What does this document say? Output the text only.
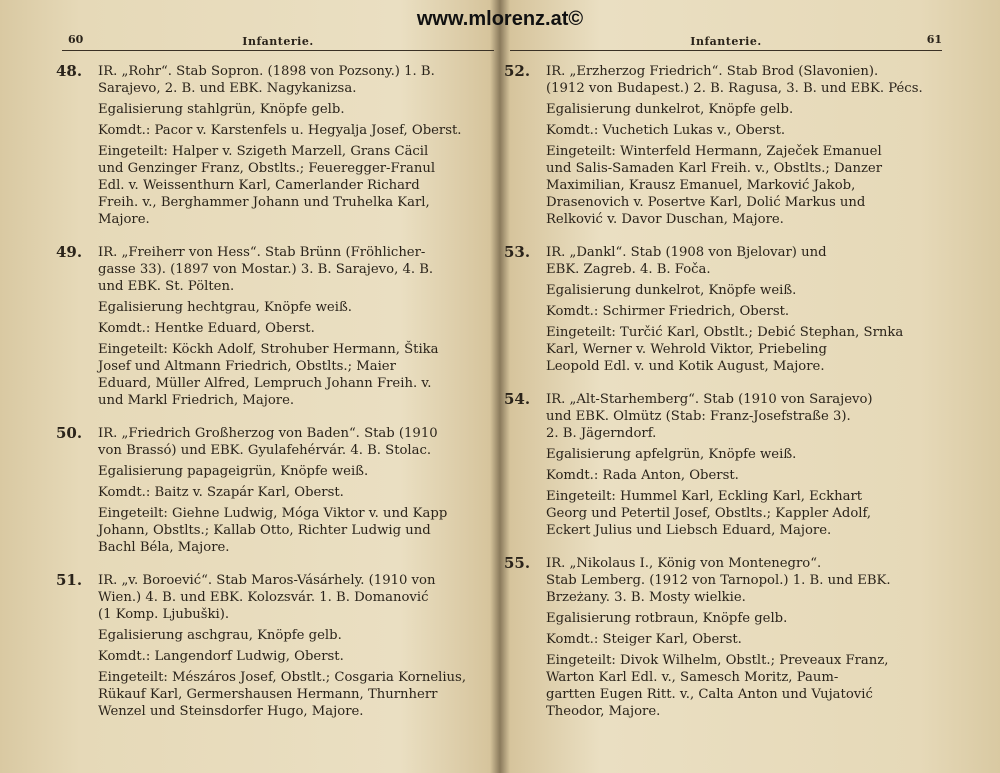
www.mlorenz.at©
60	Infanterie.
48.	IR. „Rohr“. Stab Sopron. (1898 von Pozsony.) 1. B.
Sarajevo, 2. B. und EBK. Nagykanizsa.
Egalisierung stahlgrün, Knöpfe gelb.
Komdt.: Pacor v. Karstenfels u. Hegyalja Josef, Oberst.
Eingeteilt: Halper v. Szigeth Marzell, Grans Cäcil
und Genzinger Franz, Obstlts.; Feueregger-Franul
Edl. v. Weissenthurn Karl, Camerlander Richard
Freih. v., Berghammer Johann und Truhelka Karl,
Majore.
49.	IR. „Freiherr von Hess“. Stab Brünn (Fröhlicher-
gasse 33). (1897 von Mostar.) 3. B. Sarajevo, 4. B.
und EBK. St. Pölten.
Egalisierung hechtgrau, Knöpfe weiß.
Komdt.: Hentke Eduard, Oberst.
Eingeteilt: Köckh Adolf, Strohuber Hermann, Štika
Josef und Altmann Friedrich, Obstlts.; Maier
Eduard, Müller Alfred, Lempruch Johann Freih. v.
und Markl Friedrich, Majore.
50.	IR. „Friedrich Großherzog von Baden“. Stab (1910
von Brassó) und EBK. Gyulafehérvár. 4. B. Stolac.
Egalisierung papageigrün, Knöpfe weiß.
Komdt.: Baitz v. Szapár Karl, Oberst.
Eingeteilt: Giehne Ludwig, Móga Viktor v. und Kapp
Johann, Obstlts.; Kallab Otto, Richter Ludwig und
Bachl Béla, Majore.
51.	IR. „v. Boroević“. Stab Maros-Vásárhely. (1910 von
Wien.) 4. B. und EBK. Kolozsvár. 1. B. Domanović
(1 Komp. Ljubuški).
Egalisierung aschgrau, Knöpfe gelb.
Komdt.: Langendorf Ludwig, Oberst.
Eingeteilt: Mészáros Josef, Obstlt.; Cosgaria Kornelius,
Rükauf Karl, Germershausen Hermann, Thurnherr
Wenzel und Steinsdorfer Hugo, Majore.
Infanterie.	61
52.	IR. „Erzherzog Friedrich“. Stab Brod (Slavonien).
(1912 von Budapest.) 2. B. Ragusa, 3. B. und EBK. Pécs.
Egalisierung dunkelrot, Knöpfe gelb.
Komdt.: Vuchetich Lukas v., Oberst.
Eingeteilt: Winterfeld Hermann, Zaječek Emanuel
und Salis-Samaden Karl Freih. v., Obstlts.; Danzer
Maximilian, Krausz Emanuel, Marković Jakob,
Drasenovich v. Posertve Karl, Dolić Markus und
Relković v. Davor Duschan, Majore.
53.	IR. „Dankl“. Stab (1908 von Bjelovar) und
EBK. Zagreb. 4. B. Foča.
Egalisierung dunkelrot, Knöpfe weiß.
Komdt.: Schirmer Friedrich, Oberst.
Eingeteilt: Turčić Karl, Obstlt.; Debić Stephan, Srnka
Karl, Werner v. Wehrold Viktor, Priebeling
Leopold Edl. v. und Kotik August, Majore.
54.	IR. „Alt-Starhemberg“. Stab (1910 von Sarajevo)
und EBK. Olmütz (Stab: Franz-Josefstraße 3).
2. B. Jägerndorf.
Egalisierung apfelgrün, Knöpfe weiß.
Komdt.: Rada Anton, Oberst.
Eingeteilt: Hummel Karl, Eckling Karl, Eckhart
Georg und Petertil Josef, Obstlts.; Kappler Adolf,
Eckert Julius und Liebsch Eduard, Majore.
55.	IR. „Nikolaus I., König von Montenegro“.
Stab Lemberg. (1912 von Tarnopol.) 1. B. und EBK.
Brzeżany. 3. B. Mosty wielkie.
Egalisierung rotbraun, Knöpfe gelb.
Komdt.: Steiger Karl, Oberst.
Eingeteilt: Divok Wilhelm, Obstlt.; Preveaux Franz,
Warton Karl Edl. v., Samesch Moritz, Paum-
gartten Eugen Ritt. v., Calta Anton und Vujatović
Theodor, Majore.
